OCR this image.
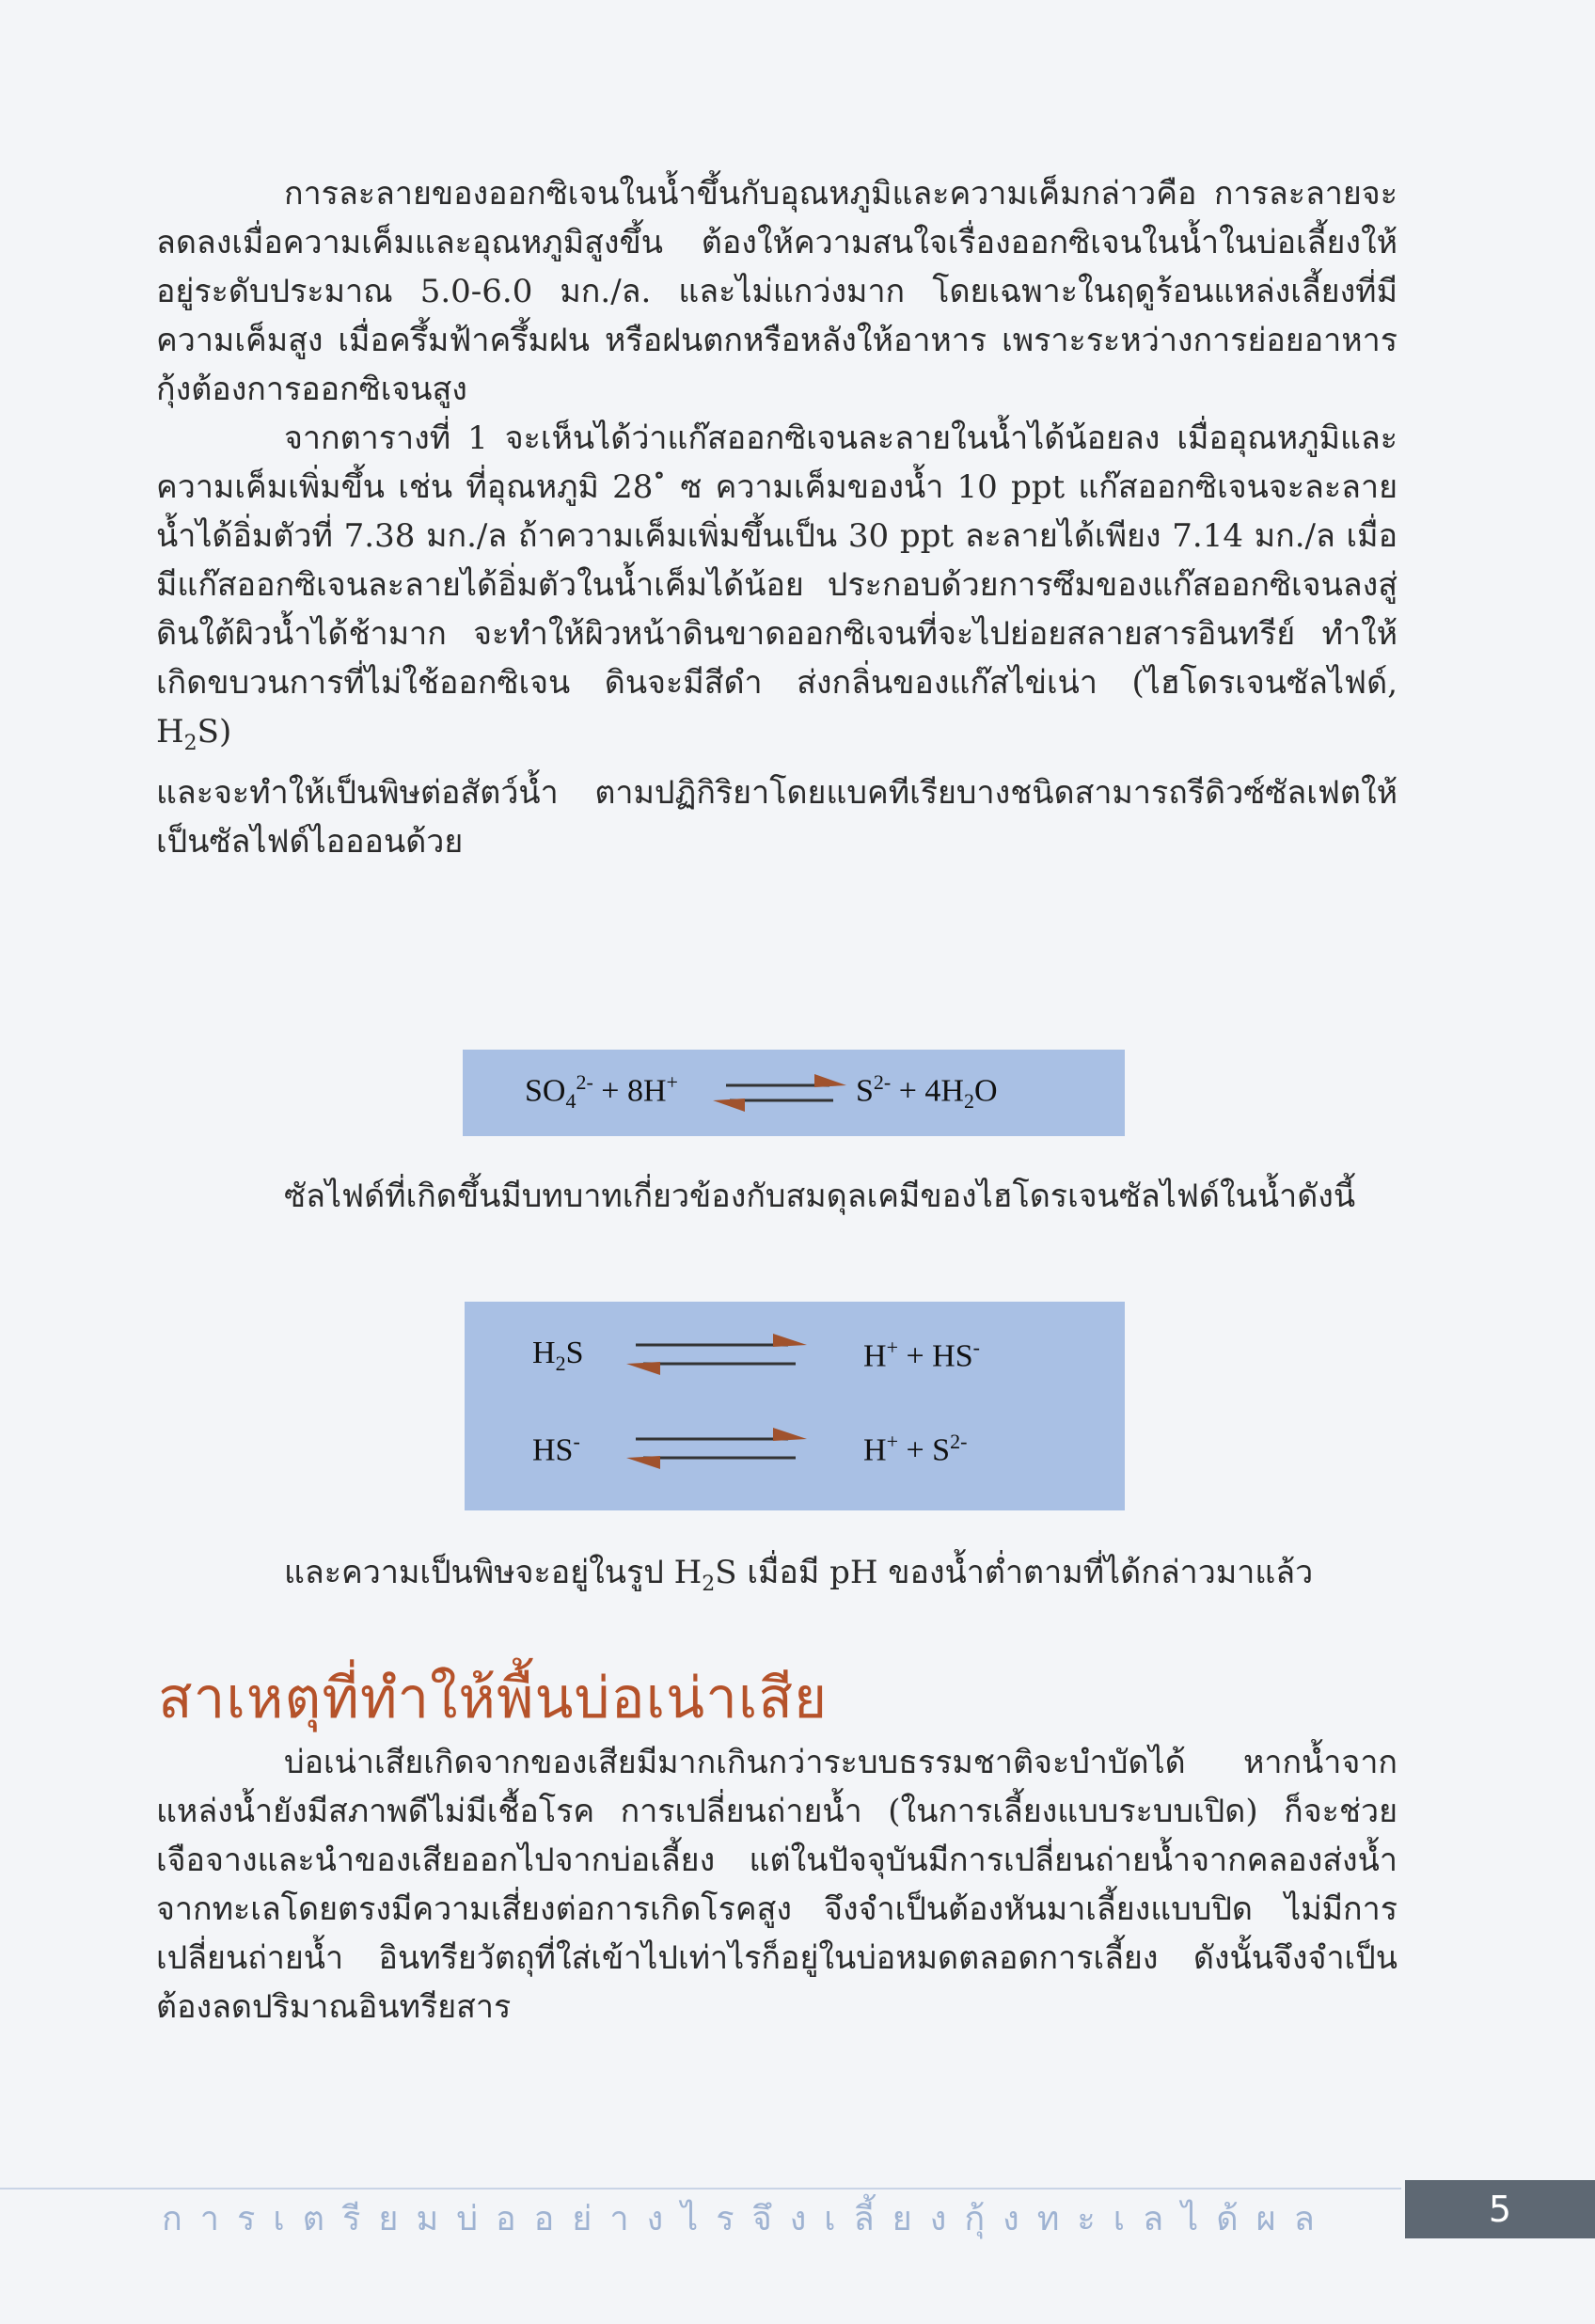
การละลายของออกซิเจนในน้ำขึ้นกับอุณหภูมิและความเค็มกล่าวคือ การละลายจะลดลงเมื่อความเค็มและอุณหภูมิสูงขึ้น ต้องให้ความสนใจเรื่องออกซิเจนในน้ำในบ่อเลี้ยงให้อยู่ระดับประมาณ 5.0-6.0 มก./ล. และไม่แกว่งมาก โดยเฉพาะในฤดูร้อนแหล่งเลี้ยงที่มีความเค็มสูง เมื่อครึ้มฟ้าครึ้มฝน หรือฝนตกหรือหลังให้อาหาร เพราะระหว่างการย่อยอาหาร กุ้งต้องการออกซิเจนสูง

จากตารางที่ 1 จะเห็นได้ว่าแก๊สออกซิเจนละลายในน้ำได้น้อยลง เมื่ออุณหภูมิและความเค็มเพิ่มขึ้น เช่น ที่อุณหภูมิ 28 ํ ซ ความเค็มของน้ำ 10 ppt แก๊สออกซิเจนจะละลายน้ำได้อิ่มตัวที่ 7.38 มก./ล ถ้าความเค็มเพิ่มขึ้นเป็น 30 ppt ละลายได้เพียง 7.14 มก./ล เมื่อมีแก๊สออกซิเจนละลายได้อิ่มตัวในน้ำเค็มได้น้อย ประกอบด้วยการซึมของแก๊สออกซิเจนลงสู่ดินใต้ผิวน้ำได้ช้ามาก จะทำให้ผิวหน้าดินขาดออกซิเจนที่จะไปย่อยสลายสารอินทรีย์ ทำให้เกิดขบวนการที่ไม่ใช้ออกซิเจน ดินจะมีสีดำ ส่งกลิ่นของแก๊สไข่เน่า (ไฮโดรเจนซัลไฟด์, $H_2S$)

และจะทำให้เป็นพิษต่อสัตว์น้ำ ตามปฏิกิริยาโดยแบคทีเรียบางชนิดสามารถรีดิวซ์ซัลเฟตให้เป็นซัลไฟด์ไอออนด้วย

$SO_4^{2-} + 8H^+$	$S^{2-} + 4H_2O$

ซัลไฟด์ที่เกิดขึ้นมีบทบาทเกี่ยวข้องกับสมดุลเคมีของไฮโดรเจนซัลไฟด์ในน้ำดังนี้

$H_2S$	H+ + HS-
HS-	$H^+ + S^{2-}$

และความเป็นพิษจะอยู่ในรูป $H_2S$ เมื่อมี pH ของน้ำต่ำตามที่ได้กล่าวมาแล้ว

สาเหตุที่ทำให้พื้นบ่อเน่าเสีย

บ่อเน่าเสียเกิดจากของเสียมีมากเกินกว่าระบบธรรมชาติจะบำบัดได้ หากน้ำจากแหล่งน้ำยังมีสภาพดีไม่มีเชื้อโรค การเปลี่ยนถ่ายน้ำ (ในการเลี้ยงแบบระบบเปิด) ก็จะช่วยเจือจางและนำของเสียออกไปจากบ่อเลี้ยง แต่ในปัจจุบันมีการเปลี่ยนถ่ายน้ำจากคลองส่งน้ำจากทะเลโดยตรงมีความเสี่ยงต่อการเกิดโรคสูง จึงจำเป็นต้องหันมาเลี้ยงแบบปิด ไม่มีการเปลี่ยนถ่ายน้ำ อินทรียวัตถุที่ใส่เข้าไปเท่าไรก็อยู่ในบ่อหมดตลอดการเลี้ยง ดังนั้นจึงจำเป็นต้องลดปริมาณอินทรียสาร

การเตรียมบ่ออย่างไรจึงเลี้ยงกุ้งทะเลได้ผล	5
